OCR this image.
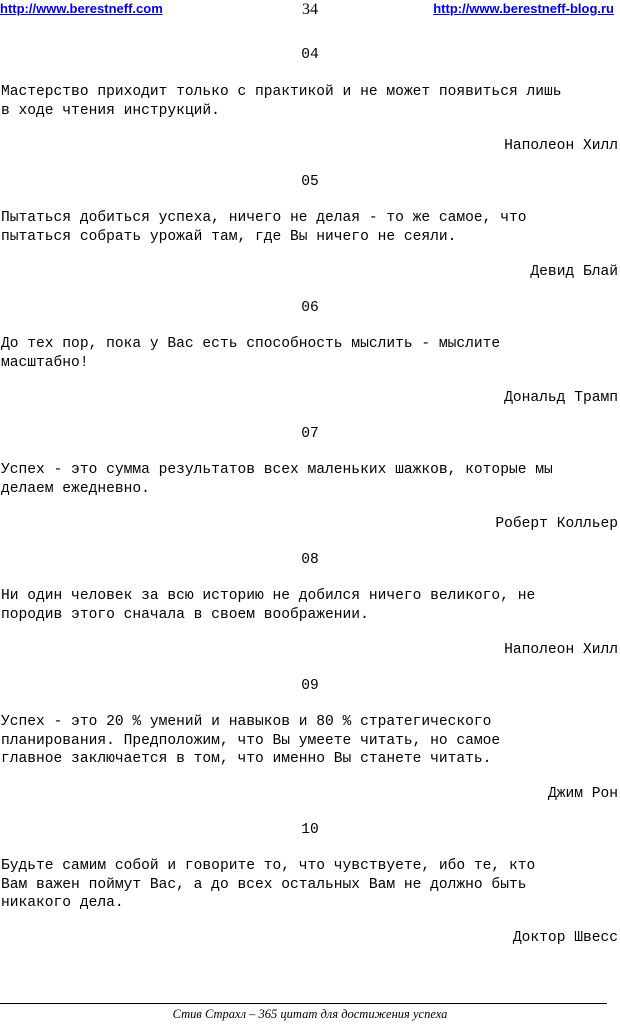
http://www.berestneff.com	34	http://www.berestneff-blog.ru
04
Мастерство приходит только с практикой и не может появиться лишь
в ходе чтения инструкций.
Наполеон Хилл
05
Пытаться добиться успеха, ничего не делая - то же самое, что
пытаться собрать урожай там, где Вы ничего не сеяли.
Девид Блай
06
До тех пор, пока у Вас есть способность мыслить - мыслите
масштабно!
Дональд Трамп
07
Успех - это сумма результатов всех маленьких шажков, которые мы
делаем ежедневно.
Роберт Колльер
08
Ни один человек за всю историю не добился ничего великого, не
породив этого сначала в своем воображении.
Наполеон Хилл
09
Успех - это 20 % умений и навыков и 80 % стратегического
планирования. Предположим, что Вы умеете читать, но самое
главное заключается в том, что именно Вы станете читать.
Джим Рон
10
Будьте самим собой и говорите то, что чувствуете, ибо те, кто
Вам важен поймут Вас, а до всех остальных Вам не должно быть
никакого дела.
Доктор Швесс
Стив Страхл – 365 цитат для достижения успеха
